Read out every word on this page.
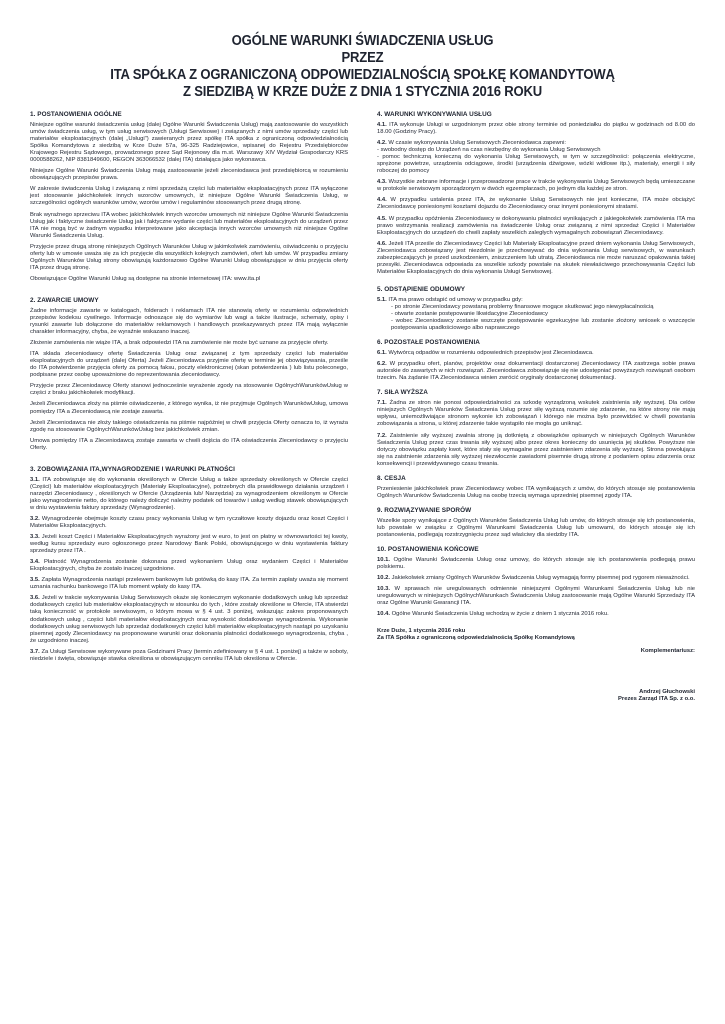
OGÓLNE WARUNKI ŚWIADCZENIA USŁUG
PRZEZ
ITA SPÓŁKA Z OGRANICZONĄ ODPOWIEDZIALNOŚCIĄ SPOŁKĘ KOMANDYTOWĄ
Z SIEDZIBĄ W KRZE DUŻE Z DNIA 1 STYCZNIA 2016 ROKU
1. POSTANOWIENIA OGÓLNE

Niniejsze ogólne warunki świadczenia usług (dalej Ogólne Warunki Świadczenia Usług) mają zastosowanie do wszystkich umów świadczenia usług, w tym usług serwisowych (Usługi Serwisowe) i związanych z nimi umów sprzedaży części lub materiałów eksploatacyjnych (dalej „Usługi") zawieranych przez spółkę ITA spółka z ograniczoną odpowiedzialnością Spółka Komandytowa z siedzibą w Krze Duże 57a, 96-325 Radziejowice, wpisanej do Rejestru Przedsiębiorców Krajowego Rejestru Sądowego, prowadzonego przez Sąd Rejonowy dla m.st. Warszawy XIV Wydział Gospodarczy KRS 0000588262, NIP 8381849600, REGON 363066532 (dalej ITA) działająca jako wykonawca.

Niniejsze Ogólne Warunki Świadczenia Usług mają zastosowanie jeżeli zleceniodawca jest przedsiębiorcą w rozumieniu obowiązujących przepisów prawa.

W zakresie świadczenia Usług i związaną z nimi sprzedażą części lub materiałów eksploatacyjnych przez ITA wyłączone jest stosowanie jakichkolwiek innych wzorców umownych, iż niniejsze Ogólne Warunki Świadczenia Usług, w szczególności ogólnych warunków umów, wzorów umów i regulaminów stosowanych przez drugą stronę.

Brak wyraźnego sprzeciwu ITA wobec jakichkolwiek innych wzorców umownych niż niniejsze Ogólne Warunki Świadczenia Usług jak i faktyczne świadczenie Usług jak i faktyczne wydanie części lub materiałów eksploatacyjnych do urządzeń przez ITA nie mogą być w żadnym wypadku interpretowane jako akceptacja innych wzorców umownych niż niniejsze Ogólne Warunki Świadczenia Usług.

Przyjęcie przez drugą stronę niniejszych Ogólnych Warunków Usług w jakimkolwiek zamówieniu, oświadczeniu o przyjęciu oferty lub w umowie uważa się za ich przyjęcie dla wszystkich kolejnych zamówień, ofert lub umów. W przypadku zmiany Ogólnych Warunków Usług strony obowiązują każdorazowo Ogólne Warunki Usług obowiązujące w dniu przyjęcia oferty ITA przez drugą stronę.

Obowiązujące Ogólne Warunki Usług są dostępne na stronie internetowej ITA: www.ita.pl

2. ZAWARCIE UMOWY

Żadne informacje zawarte w katalogach, folderach i reklamach ITA nie stanowią oferty w rozumieniu odpowiednich przepisów kodeksu cywilnego. Informacje odnoszące się do wymiarów lub wagi a także ilustracje, schematy, opisy i rysunki zawarte lub dołączone do materiałów reklamowych i handlowych przekazywanych przez ITA mają wyłącznie charakter informacyjny, chyba, że wyraźnie wskazano inaczej.

Złożenie zamówienia nie wiąże ITA, a brak odpowiedzi ITA na zamówienie nie może być uznane za przyjęcie oferty.

ITA składa zleceniodawcy ofertę Świadczenia Usług oraz związanej z tym sprzedaży części lub materiałów eksploatacyjnych do urządzeń (dalej Oferta) Jeżeli Zleceniodawca przyjmie ofertę w terminie jej obowiązywania, prześle do ITA potwierdzenie przyjęcia oferty za pomocą faksu, poczty elektronicznej (skan potwierdzenia ) lub listu poleconego, podpisane przez osobę upoważnione do reprezentowania zleceniodawcy.

Przyjęcie przez Zleceniodawcę Oferty stanowi jednocześnie wyrażenie zgody na stosowanie OgólnychWarunkówUsług w części z braku jakichkolwiek modyfikacji.

Jeżeli Zleceniodawca złoży na piśmie oświadczenie, z którego wynika, iż nie przyjmuje Ogólnych WarunkówUsług, umowa pomiędzy ITA a Zleceniodawcą nie zostaje zawarta.

Jeżeli Zleceniodawca nie złoży takiego oświadczenia na piśmie najpóźniej w chwili przyjęcia Oferty oznacza to, iż wyraża zgodę na stosowanie OgólnychWarunkówUsług bez jakichkolwiek zmian.

Umowa pomiędzy ITA a Zleceniodawcą zostaje zawarta w chwili dojścia do ITA oświadczenia Zleceniodawcy o przyjęciu Oferty.

3. ZOBOWIĄZANIA ITA,WYNAGRODZENIE I WARUNKI PŁATNOŚCI

3.1. ITA zobowiązuje się do wykonania określonych w Ofercie Usług a także sprzedaży określonych w Ofercie części (Części) lub materiałów eksploatacyjnych (Materiały Eksploatacyjne), potrzebnych dla prawidłowego działania urządzeń i narzędzi Zleceniodawcy , określonych w Ofercie (Urządzenia lub/ Narzędzia) za wynagrodzeniem określonym w Ofercie jako wynagrodzenie netto, do którego należy doliczyć należny podatek od towarów i usług według stawek obowiązujących w dniu wystawienia faktury sprzedaży (Wynagrodzenie).

3.2. Wynagrodzenie obejmuje koszty czasu pracy wykonania Usług w tym ryczałtowe koszty dojazdu oraz koszt Części i Materiałów Eksploatacyjnych.

3.3. Jeżeli koszt Części i Materiałów Eksploatacyjnych wyrażony jest w euro, to jest on płatny w równowartości tej kwoty, według kursu sprzedaży euro ogłoszonego przez Narodowy Bank Polski, obowiązującego w dniu wystawienia faktury sprzedaży przez ITA .

3.4. Płatność Wynagrodzenia zostanie dokonana przed wykonaniem Usług oraz wydaniem Części i Materiałów Eksploatacyjnych, chyba że zostało inaczej uzgodnione.

3.5. Zapłata Wynagrodzenia nastąpi przelewem bankowym lub gotówką do kasy ITA. Za termin zapłaty uważa się moment uznania rachunku bankowego ITA lub moment wpłaty do kasy ITA.

3.6. Jeżeli w trakcie wykonywania Usług Serwisowych okaże się koniecznym wykonanie dodatkowych usług lub sprzedaż dodatkowych części lub materiałów eksploatacyjnych w stosunku do tych , które zostały określone w Ofercie, ITA stwierdzi taką konieczność w protokole serwisowym, o którym mowa w § 4 ust. 3 poniżej, wskazując zakres proponowanych dodatkowych usług , części lub/i materiałów eksploatacyjnych oraz wysokość dodatkowego wynagrodzenia. Wykonanie dodatkowych usług serwisowych lub sprzedaż dodatkowych części lub/i materiałów eksploatacyjnych nastąpi po uzyskaniu pisemnej zgody Zleceniodawcy na proponowane warunki oraz dokonania płatności dodatkowego wynagrodzenia, chyba , że uzgodniono inaczej.

3.7. Za Usługi Serwisowe wykonywane poza Godzinami Pracy (termin zdefiniowany w § 4 ust. 1 poniżej) a także w soboty, niedziele i święta, obowiązuje stawka określona w obowiązującym cenniku ITA lub określona w Ofercie.

4. WARUNKI WYKONYWANIA USŁUG

4.1. ITA wykonuje Usługi w uzgodnionym przez obie strony terminie od poniedziałku do piątku w godzinach od 8.00 do 18.00 (Godziny Pracy).

4.2. W czasie wykonywania Usług Serwisowych Zleceniodawca zapewni:

- swobodny dostęp do Urządzeń na czas niezbędny do wykonania Usług Serwisowych
- pomoc techniczną konieczną do wykonania Usług Serwisowych, w tym w szczególności: połączenia elektryczne, sprężone powietrze, urządzenia odciągowe, środki (urządzenia dźwigowe, wózki widłowe itp.), materiały, energii i siły roboczej do pomocy

4.3. Wszystkie zebrane informacje i przeprowadzone prace w trakcie wykonywania Usług Serwisowych będą umieszczane w protokole serwisowym sporządzonym w dwóch egzemplarzach, po jednym dla każdej ze stron.

4.4. W przypadku ustalenia przez ITA, że wykonanie Usług Serwisowych nie jest konieczne, ITA może obciążyć Zleceniodawcę poniesionymi kosztami dojazdu do Zleceniodawcy oraz innymi poniesionymi stratami.

4.5. W przypadku opóźnienia Zleceniodawcy w dokonywaniu płatności wynikających z jakiegokolwiek zamówienia ITA ma prawo wstrzymania realizacji zamówienia na świadczenie Usług oraz związaną z nimi sprzedaż Części i Materiałów Eksploatacyjnych do urządzeń do chwili zapłaty wszelkich zaległych wymagalnych zobowiązań Zleceniodawcy.

4.6. Jeżeli ITA prześle do Zleceniodawcy Części lub Materiały Eksploatacyjne przed dniem wykonania Usług Serwisowych, Zleceniodawca zobowiązany jest niezdolnie je przechowywać do dnia wykonania Usług serwisowych, w warunkach zabezpieczających je przed uszkodzeniem, zniszczeniem lub utratą. Zleceniodawca nie może naruszać opakowania takiej przesyłki. Zleceniodawca odpowiada za wszelkie szkody powstałe na skutek niewłaściwego przechowywania Części lub Materiałów Eksploatacyjnych do dnia wykonania Usługi Serwisowej.

5. ODSTĄPIENIE ODUMOWY

5.1. ITA ma prawo odstąpić od umowy w przypadku gdy:

- po stronie Zleceniodawcy powstaną problemy finansowe mogące skutkować jego niewypłacalnością
- otwarte zostanie postępowanie likwidacyjne Zleceniodawcy
- wobec Zleceniodawcy zostanie wszczęte postępowanie egzekucyjne lub zostanie złożony wniosek o wszczęcie postępowania upadłościowego albo naprawczego
6. POZOSTAŁE POSTANOWIENIA

6.1. Wytwórcą odpadów w rozumieniu odpowiednich przepisów jest Zleceniodawca.

6.2. W przypadku ofert, planów, projektów oraz dokumentacji dostarczonej Zleceniodawcy ITA zastrzega sobie prawa autorskie do zawartych w nich rozwiązań. Zleceniodawca zobowiązuje się nie udostępniać powyższych rozwiązań osobom trzecim. Na żądanie ITA Zleceniodawca winien zwrócić oryginały dostarczonej dokumentacji.

7. SIŁA WYŻSZA

7.1. Żadna ze stron nie ponosi odpowiedzialności za szkodę wyrządzoną wskutek zaistnienia siły wyższej. Dla celów niniejszych Ogólnych Warunków Świadczenia Usług przez siłę wyższą rozumie się zdarzenie, na które strony nie mają wpływu, uniemożliwiające stronom wykonie ich zobowiązań i którego nie można było przewidzieć w chwili powstania zobowiązania a strona, u której zdarzenie takie wystąpiło nie mogła go uniknąć.

7.2. Zaistnienie siły wyższej zwalnia stronę ją dotkniętą z obowiązków opisanych w niniejszych Ogólnych Warunków Świadczenia Usług przez czas trwania siły wyższej albo przez okres konieczny do usunięcia jej skutków. Powyższe nie dotyczy obowiązku zapłaty kwot, które stały się wymagalne przez zaistnieniem zdarzenia siły wyższej. Strona powołująca się na zaistnienie zdarzenia siły wyższej niezwłocznie zawiadomi pisemnie drugą stronę z podaniem opisu zdarzenia oraz konsekwencji i przewidywanego czasu trwania.

8. CESJA

Przeniesienie jakichkolwiek praw Zleceniodawcy wobec ITA wynikających z umów, do których stosuje się postanowienia Ogólnych Warunków Świadczenia Usług na osobę trzecią wymaga uprzedniej pisemnej zgody ITA.

9. ROZWIĄZYWANIE SPORÓW

Wszelkie spory wynikające z Ogólnych Warunków Świadczenia Usług lub umów, do których stosuje się ich postanowienia, lub powstałe w związku z Ogólnymi Warunkami Świadczenia Usług lub umowami, do których stosuje się ich postanowienia, podlegają rozstrzygnięciu przez sąd właściwy dla siedziby ITA.

10. POSTANOWIENIA KOŃCOWE

10.1. Ogólne Warunki Świadczenia Usług oraz umowy, do których stosuje się ich postanowienia podlegają prawu polskiemu.

10.2. Jakiekolwiek zmiany Ogólnych Warunków Świadczenia Usług wymagają formy pisemnej pod rygorem nieważności.

10.3. W sprawach nie uregulowanych odmiennie niniejszymi Ogólnymi Warunkami Świadczenia Usług lub nie uregulowanych w niniejszych OgólnychWarunkach Świadczenia Usług zastosowanie mają Ogólne Warunki Sprzedaży ITA oraz Ogólne Warunki Gwarancji ITA.

10.4. Ogólne Warunki Świadczenia Usług wchodzą w życie z dniem 1 stycznia 2016 roku.

Krze Duże, 1 stycznia 2016 roku

Za ITA Spółka z ograniczoną odpowiedzialnością Spółkę Komandytową

Komplementariusz:

Andrzej Głuchowski

Prezes Zarząd ITA Sp. z o.o.
